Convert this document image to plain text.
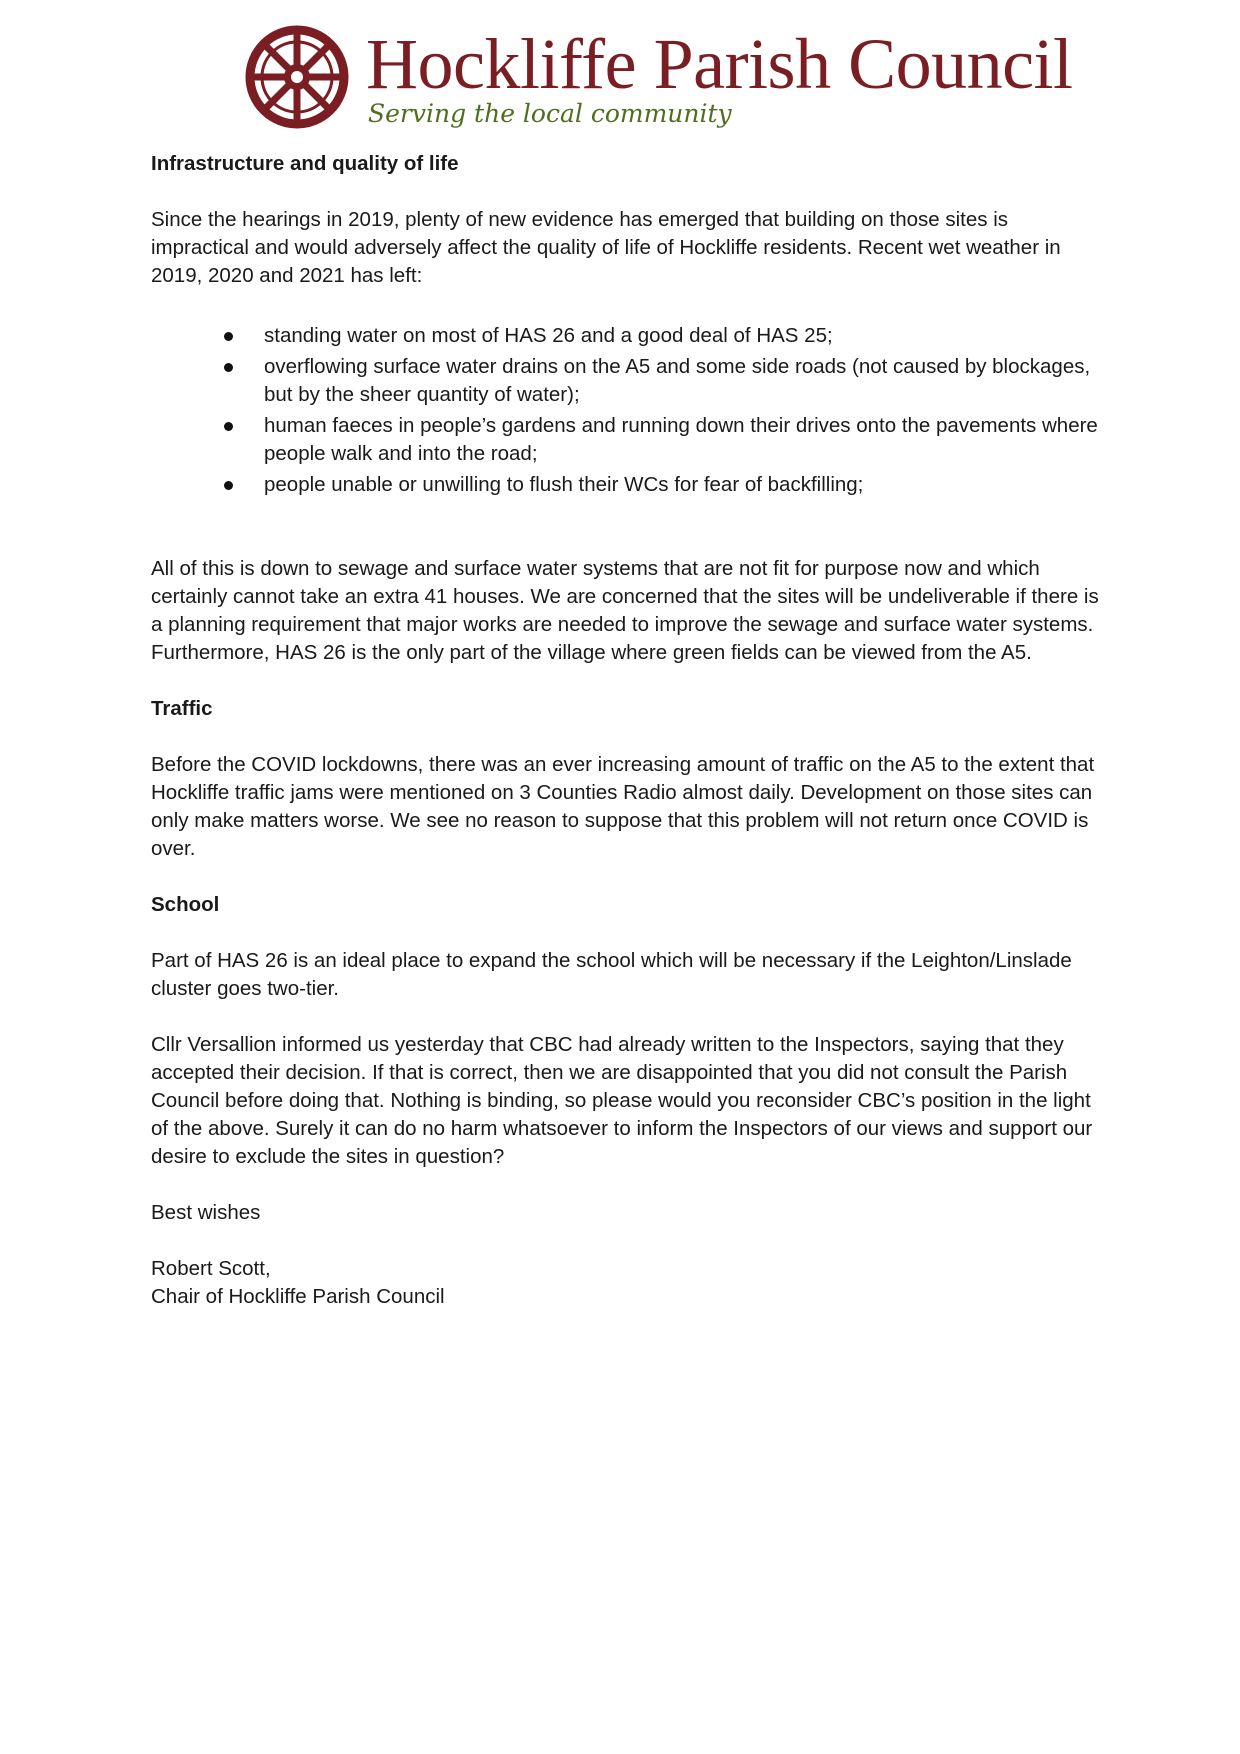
Hockliffe Parish Council
Serving the local community

Infrastructure and quality of life

Since the hearings in 2019, plenty of new evidence has emerged that building on those sites is impractical and would adversely affect the quality of life of Hockliffe residents. Recent wet weather in 2019, 2020 and 2021 has left:

standing water on most of HAS 26 and a good deal of HAS 25;
overflowing surface water drains on the A5 and some side roads (not caused by blockages, but by the sheer quantity of water);
human faeces in people’s gardens and running down their drives onto the pavements where people walk and into the road;
people unable or unwilling to flush their WCs for fear of backfilling;

All of this is down to sewage and surface water systems that are not fit for purpose now and which certainly cannot take an extra 41 houses. We are concerned that the sites will be undeliverable if there is a planning requirement that major works are needed to improve the sewage and surface water systems. Furthermore, HAS 26 is the only part of the village where green fields can be viewed from the A5.

Traffic

Before the COVID lockdowns, there was an ever increasing amount of traffic on the A5 to the extent that Hockliffe traffic jams were mentioned on 3 Counties Radio almost daily. Development on those sites can only make matters worse. We see no reason to suppose that this problem will not return once COVID is over.

School

Part of HAS 26 is an ideal place to expand the school which will be necessary if the Leighton/Linslade cluster goes two-tier.

Cllr Versallion informed us yesterday that CBC had already written to the Inspectors, saying that they accepted their decision. If that is correct, then we are disappointed that you did not consult the Parish Council before doing that. Nothing is binding, so please would you reconsider CBC’s position in the light of the above. Surely it can do no harm whatsoever to inform the Inspectors of our views and support our desire to exclude the sites in question?

Best wishes

Robert Scott,

Chair of Hockliffe Parish Council
